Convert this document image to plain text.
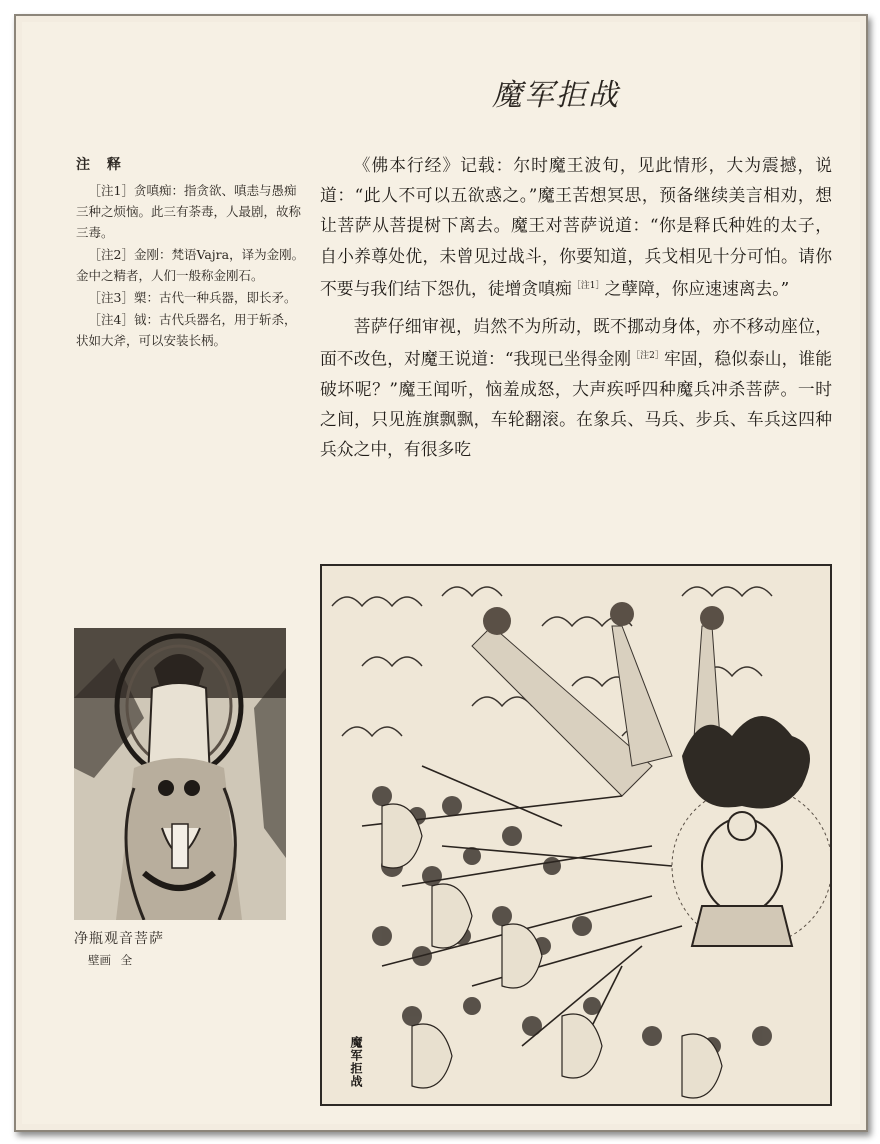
魔军拒战
注 释
［注1］贪嗔痴：指贪欲、嗔恚与愚痴三种之烦恼。此三有荼毒，人最剧，故称三毒。
［注2］金刚：梵语Vajra，译为金刚。金中之精者，人们一般称金刚石。
［注3］槊：古代一种兵器，即长矛。
［注4］钺：古代兵器名，用于斩杀，状如大斧，可以安装长柄。

《佛本行经》记载：尔时魔王波旬，见此情形，大为震撼，说道：“此人不可以五欲惑之。”魔王苦想冥思，预备继续美言相劝，想让菩萨从菩提树下离去。魔王对菩萨说道：“你是释氏种姓的太子，自小养尊处优，未曾见过战斗，你要知道，兵戈相见十分可怕。请你不要与我们结下怨仇，徒增贪嗔痴$^{[注1]}$之孽障，你应速速离去。”

菩萨仔细审视，岿然不为所动，既不挪动身体，亦不移动座位，面不改色，对魔王说道：“我现已坐得金刚$^{[注2]}$牢固，稳似泰山，谁能破坏呢？”魔王闻听，恼羞成怒，大声疾呼四种魔兵冲杀菩萨。一时之间，只见旌旗飘飘，车轮翻滚。在象兵、马兵、步兵、车兵这四种兵众之中，有很多吃

净瓶观音菩萨
壁画 全
魔军拒战
